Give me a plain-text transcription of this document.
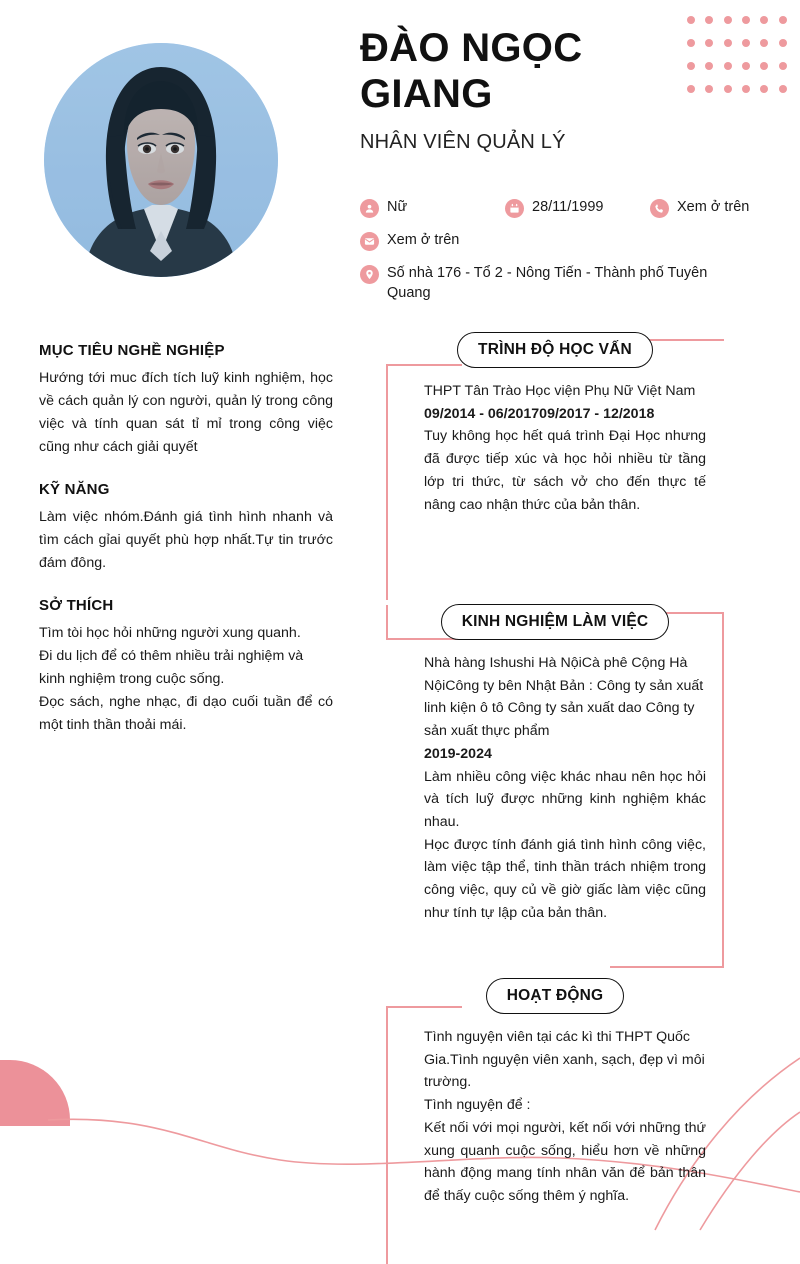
ĐÀO NGỌC GIANG
NHÂN VIÊN QUẢN LÝ
Nữ	28/11/1999	Xem ở trên
Xem ở trên
Số nhà 176 - Tổ 2 - Nông Tiến - Thành phố Tuyên Quang
MỤC TIÊU NGHỀ NGHIỆP

Hướng tới muc đích tích luỹ kinh nghiệm, học về cách quản lý con người, quản lý trong công việc và tính quan sát tỉ mỉ trong công việc cũng như cách giải quyết

KỸ NĂNG

Làm việc nhóm.Đánh giá tình hình nhanh và tìm cách gỉai quyết phù hợp nhất.Tự tin trước đám đông.

SỞ THÍCH

Tìm tòi học hỏi những người xung quanh.

Đi du lịch để có thêm nhiều trải nghiệm và kinh nghiệm trong cuộc sống.

Đọc sách, nghe nhạc, đi dạo cuối tuần để có một tinh thần thoải mái.

TRÌNH ĐỘ HỌC VẤN

THPT Tân Trào Học viện Phụ Nữ Việt Nam

09/2014 - 06/201709/2017 - 12/2018

Tuy không học hết quá trình Đại Học nhưng đã được tiếp xúc và học hỏi nhiều từ tầng lớp tri thức, từ sách vở cho đến thực tế nâng cao nhận thức của bản thân.

KINH NGHIỆM LÀM VIỆC

Nhà hàng Ishushi Hà NộiCà phê Cộng Hà NộiCông ty bên Nhật Bản : Công ty sản xuất linh kiện ô tô Công ty sản xuất dao Công ty sản xuất thực phẩm

2019-2024

Làm nhiều công việc khác nhau nên học hỏi và tích luỹ được những kinh nghiệm khác nhau.

Học được tính đánh giá tình hình công việc, làm việc tập thể, tinh thần trách nhiệm trong công việc, quy củ về giờ giấc làm việc cũng như tính tự lập của bản thân.

HOẠT ĐỘNG

Tình nguyện viên tại các kì thi THPT Quốc Gia.Tình nguyện viên xanh, sạch, đẹp vì môi trường.

Tình nguyện để :

Kết nối với mọi người, kết nối với những thứ xung quanh cuộc sống, hiểu hơn về những hành động mang tính nhân văn để bản thân để thấy cuộc sống thêm ý nghĩa.
